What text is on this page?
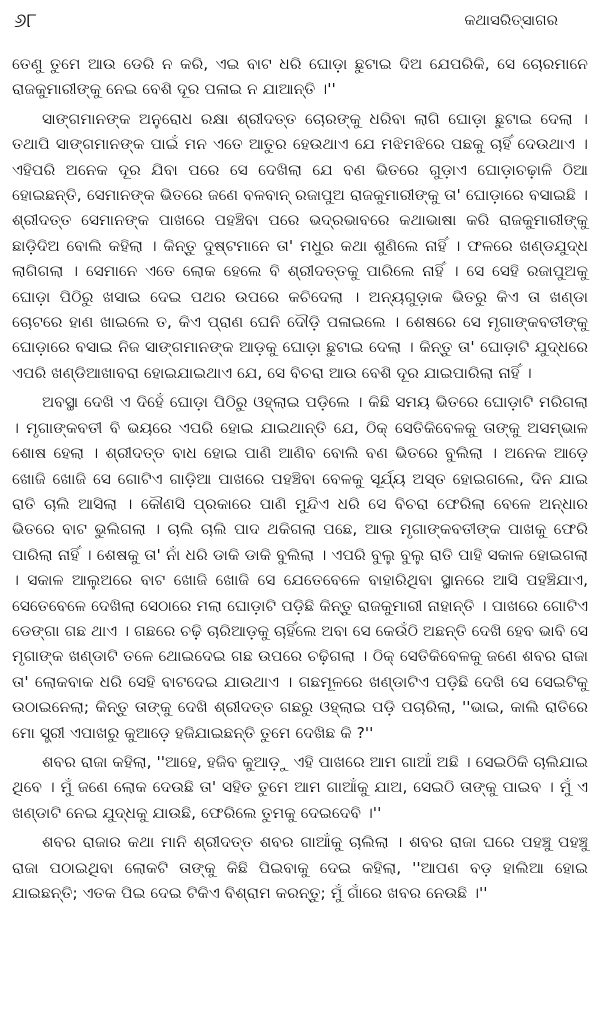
୬୮	କଥାସରିତ୍‌ସାଗର

ତେଣୁ ତୁମେ ଆଉ ଡେରି ନ କରି, ଏଇ ବାଟ ଧରି ଘୋଡ଼ା ଛୁଟାଇ ଦିଅ ଯେପରିକି, ସେ ଚୋରମାନେ ରାଜକୁମାରୀଙ୍କୁ ନେଇ ବେଶି ଦୂର ପଳାଇ ନ ଯାଆନ୍ତି ।''

ସାଙ୍ଗମାନଙ୍କ ଅନୁରୋଧ ରକ୍ଷା ଶ୍ରୀଦତ୍ତ ଚୋରଙ୍କୁ ଧରିବା ଲାଗି ଘୋଡ଼ା ଛୁଟାଇ ଦେଲା । ତଥାପି ସାଙ୍ଗମାନଙ୍କ ପାଇଁ ମନ ଏତେ ଆତୁର ହେଉଥାଏ ଯେ ମଝିମଝିରେ ପଛକୁ ଚାହିଁ ଦେଉଥାଏ । ଏହିପରି ଅନେକ ଦୂର ଯିବା ପରେ ସେ ଦେଖିଲା ଯେ ବଣ ଭିତରେ ଗୁଡ଼ାଏ ଘୋଡ଼ାଚଢ଼ାଳି ଠିଆ ହୋଇଛନ୍ତି, ସେମାନଙ୍କ ଭିତରେ ଜଣେ ବଳବାନ୍ ରଜାପୁଅ ରାଜକୁମାରୀଙ୍କୁ ତା' ଘୋଡ଼ାରେ ବସାଇଛି । ଶ୍ରୀଦତ୍ତ ସେମାନଙ୍କ ପାଖରେ ପହଞ୍ଚିବା ପରେ ଭଦ୍ରଭାବରେ କଥାଭାଷା କରି ରାଜକୁମାରୀଙ୍କୁ ଛାଡ଼ିଦିଅ ବୋଲି କହିଲା । କିନ୍ତୁ ଦୁଷ୍ଟମାନେ ତା' ମଧୁର କଥା ଶୁଣିଲେ ନାହିଁ । ଫଳରେ ଖଣ୍ଡଯୁଦ୍ଧ ଲାଗିଗଲା । ସେମାନେ ଏତେ ଲୋକ ହେଲେ ବି ଶ୍ରୀଦତ୍ତକୁ ପାରିଲେ ନାହିଁ । ସେ ସେହି ରଜାପୁଅକୁ ଘୋଡ଼ା ପିଠିରୁ ଖସାଇ ଦେଇ ପଥର ଉପରେ କଚିଦେଲା । ଅନ୍ୟଗୁଡ଼ାକ ଭିତରୁ କିଏ ତା ଖଣ୍ଡା ଚୋଟରେ ହାଣ ଖାଇଲେ ତ, କିଏ ପ୍ରାଣ ଘେନି ଦୌଡ଼ି ପଳାଇଲେ । ଶେଷରେ ସେ ମୃଗାଙ୍କବତୀଙ୍କୁ ଘୋଡ଼ାରେ ବସାଇ ନିଜ ସାଙ୍ଗମାନଙ୍କ ଆଡ଼କୁ ଘୋଡ଼ା ଛୁଟାଇ ଦେଲା । କିନ୍ତୁ ତା' ଘୋଡ଼ାଟି ଯୁଦ୍ଧରେ ଏପରି ଖଣ୍ଡିଆଖାବରା ହୋଇଯାଇଥାଏ ଯେ, ସେ ବିଚରା ଆଉ ବେଶି ଦୂର ଯାଇପାରିଲା ନାହିଁ ।

ଅବସ୍ଥା ଦେଖି ଏ ଦିହେଁ ଘୋଡ଼ା ପିଠିରୁ ଓହ୍ଲାଇ ପଡ଼ିଲେ । କିଛି ସମୟ ଭିତରେ ଘୋଡ଼ାଟି ମରିଗଲା । ମୃଗାଙ୍କବତୀ ବି ଭୟରେ ଏପରି ହୋଇ ଯାଇଥାନ୍ତି ଯେ, ଠିକ୍ ସେତିକିବେଳକୁ ତାଙ୍କୁ ଅସମ୍ଭାଳ ଶୋଷ ହେଲା । ଶ୍ରୀଦତ୍ତ ବାଧ ହୋଇ ପାଣି ଆଣିବ ବୋଲି ବଣ ଭିତରେ ବୁଲିଲା । ଅନେକ ଆଡ଼େ ଖୋଜି ଖୋଜି ସେ ଗୋଟିଏ ଗାଡ଼ିଆ ପାଖରେ ପହଞ୍ଚିବା ବେଳକୁ ସୂର୍ଯ୍ୟ ଅସ୍ତ ହୋଇଗଲେ, ଦିନ ଯାଇ ରାତି ଚାଲି ଆସିଲା । କୌଣସି ପ୍ରକାରେ ପାଣି ମୁନ୍ଦିଏ ଧରି ସେ ବିଚରା ଫେରିଲା ବେଳେ ଅନ୍ଧାର ଭିତରେ ବାଟ ଭୁଲିଗଲା । ଚାଲି ଚାଲି ପାଦ ଥକିଗଲା ପଛେ, ଆଉ ମୃଗାଙ୍କବତୀଙ୍କ ପାଖକୁ ଫେରି ପାରିଲା ନାହିଁ । ଶେଷକୁ ତା' ନାଁ ଧରି ଡାକି ଡାକି ବୁଲିଲା । ଏପରି ବୁଲୁ ବୁଲୁ ରାତି ପାହି ସକାଳ ହୋଇଗଲା । ସକାଳ ଆଲୁଅରେ ବାଟ ଖୋଜି ଖୋଜି ସେ ଯେତେବେଳେ ବାହାରିଥିବା ସ୍ଥାନରେ ଆସି ପହଞ୍ଚିଯାଏ, ସେତେବେଳେ ଦେଖିଲା ସେଠାରେ ମଲା ଘୋଡ଼ାଟି ପଡ଼ିଛି କିନ୍ତୁ ରାଜକୁମାରୀ ନାହାନ୍ତି । ପାଖରେ ଗୋଟିଏ ଡେଙ୍ଗା ଗଛ ଥାଏ । ଗଛରେ ଚଢ଼ି ଚାରିଆଡ଼କୁ ଚାହିଁଲେ ଅବା ସେ କେଉଁଠି ଅଛନ୍ତି ଦେଖି ହେବ ଭାବି ସେ ମୃଗାଙ୍କ ଖଣ୍ଡାଟି ତଳେ ଥୋଇଦେଇ ଗଛ ଉପରେ ଚଢ଼ିଗଲା । ଠିକ୍ ସେତିକିବେଳକୁ ଜଣେ ଶବର ରାଜା ତା' ଲୋକବାକ ଧରି ସେହି ବାଟଦେଇ ଯାଉଥାଏ । ଗଛମୂଳରେ ଖଣ୍ଡାଟିଏ ପଡ଼ିଛି ଦେଖି ସେ ସେଇଟିକୁ ଉଠାଇନେଲା; କିନ୍ତୁ ତାଙ୍କୁ ଦେଖି ଶ୍ରୀଦତ୍ତ ଗଛରୁ ଓହ୍ଲାଇ ପଡ଼ି ପଚାରିଲା, ''ଭାଇ, କାଲି ରାତିରେ ମୋ ସ୍ତ୍ରୀ ଏପାଖରୁ କୁଆଡ଼େ ହଜିଯାଇଛନ୍ତି ତୁମେ ଦେଖିଛ କି ?''

ଶବର ରାଜା କହିଲା, ''ଆହେ, ହଜିବ କୁଆଡ଼ୁ ଏହି ପାଖରେ ଆମ ଗାଆଁ ଅଛି । ସେଇଠିକି ଚାଲିଯାଇ ଥିବେ । ମୁଁ ଜଣେ ଲୋକ ଦେଉଛି ତା' ସହିତ ତୁମେ ଆମ ଗାଆଁକୁ ଯାଅ, ସେଇଠି ତାଙ୍କୁ ପାଇବ । ମୁଁ ଏ ଖଣ୍ଡାଟି ନେଇ ଯୁଦ୍ଧକୁ ଯାଉଛି, ଫେରିଲେ ତୁମକୁ ଦେଇଦେବି ।''

ଶବର ରାଜାର କଥା ମାନି ଶ୍ରୀଦତ୍ତ ଶବର ଗାଆଁକୁ ଚାଲିଲା । ଶବର ରାଜା ଘରେ ପହଞ୍ଚୁ ପହଞ୍ଚୁ ରାଜା ପଠାଇଥିବା ଲୋକଟି ତାଙ୍କୁ କିଛି ପିଇବାକୁ ଦେଇ କହିଲା, ''ଆପଣ ବଡ଼ ହାଲିଆ ହୋଇ ଯାଇଛନ୍ତି; ଏତକ ପିଇ ଦେଇ ଟିକିଏ ବିଶ୍ରାମ କରନ୍ତୁ; ମୁଁ ଗାଁରେ ଖବର ନେଉଛି ।''
